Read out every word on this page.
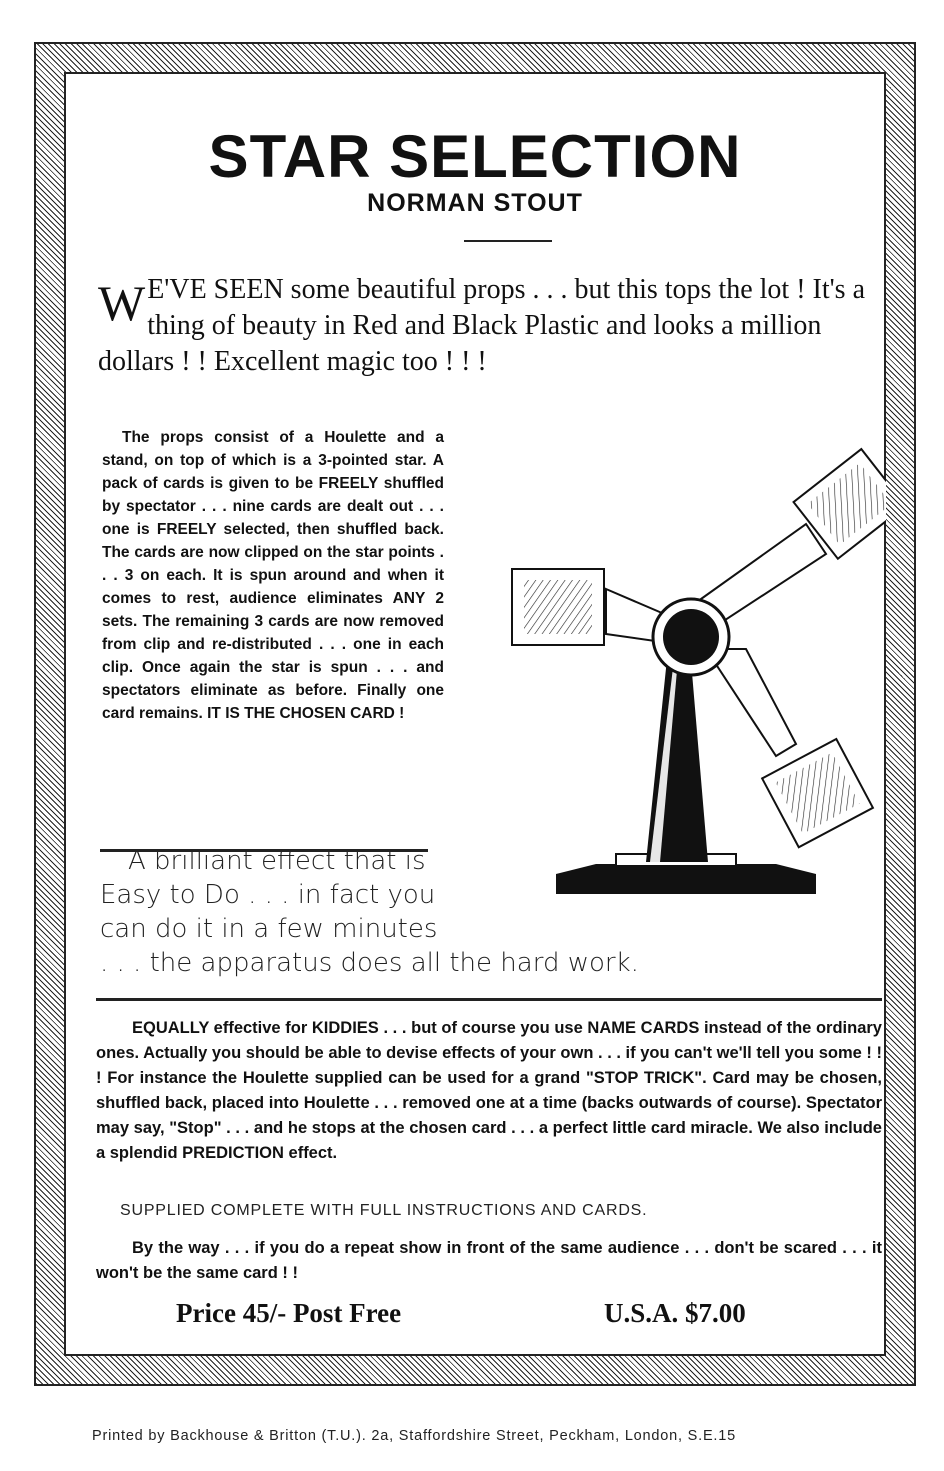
STAR SELECTION
NORMAN STOUT
W E'VE SEEN some beautiful props . . . but this tops the lot ! It's a thing of beauty in Red and Black Plastic and looks a million dollars ! ! Excellent magic too ! ! !
The props consist of a Houlette and a stand, on top of which is a 3-pointed star. A pack of cards is given to be FREELY shuffled by spectator . . . nine cards are dealt out . . . one is FREELY selected, then shuffled back. The cards are now clipped on the star points . . . 3 on each. It is spun around and when it comes to rest, audience eliminates ANY 2 sets. The remaining 3 cards are now removed from clip and re-distributed . . . one in each clip. Once again the star is spun . . . and spectators eliminate as before. Finally one card remains. IT IS THE CHOSEN CARD !
A brilliant effect that is
Easy to Do . . . in fact you
can do it in a few minutes
. . . the apparatus does all the hard work.
EQUALLY effective for KIDDIES . . . but of course you use NAME CARDS instead of the ordinary ones. Actually you should be able to devise effects of your own . . . if you can't we'll tell you some ! ! ! For instance the Houlette supplied can be used for a grand "STOP TRICK". Card may be chosen, shuffled back, placed into Houlette . . . removed one at a time (backs outwards of course). Spectator may say, "Stop" . . . and he stops at the chosen card . . . a perfect little card miracle. We also include a splendid PREDICTION effect.
SUPPLIED COMPLETE WITH FULL INSTRUCTIONS AND CARDS.
By the way . . . if you do a repeat show in front of the same audience . . . don't be scared . . . it won't be the same card ! !
Price 45/- Post Free	U.S.A. $7.00
Printed by Backhouse & Britton (T.U.). 2a, Staffordshire Street, Peckham, London, S.E.15
